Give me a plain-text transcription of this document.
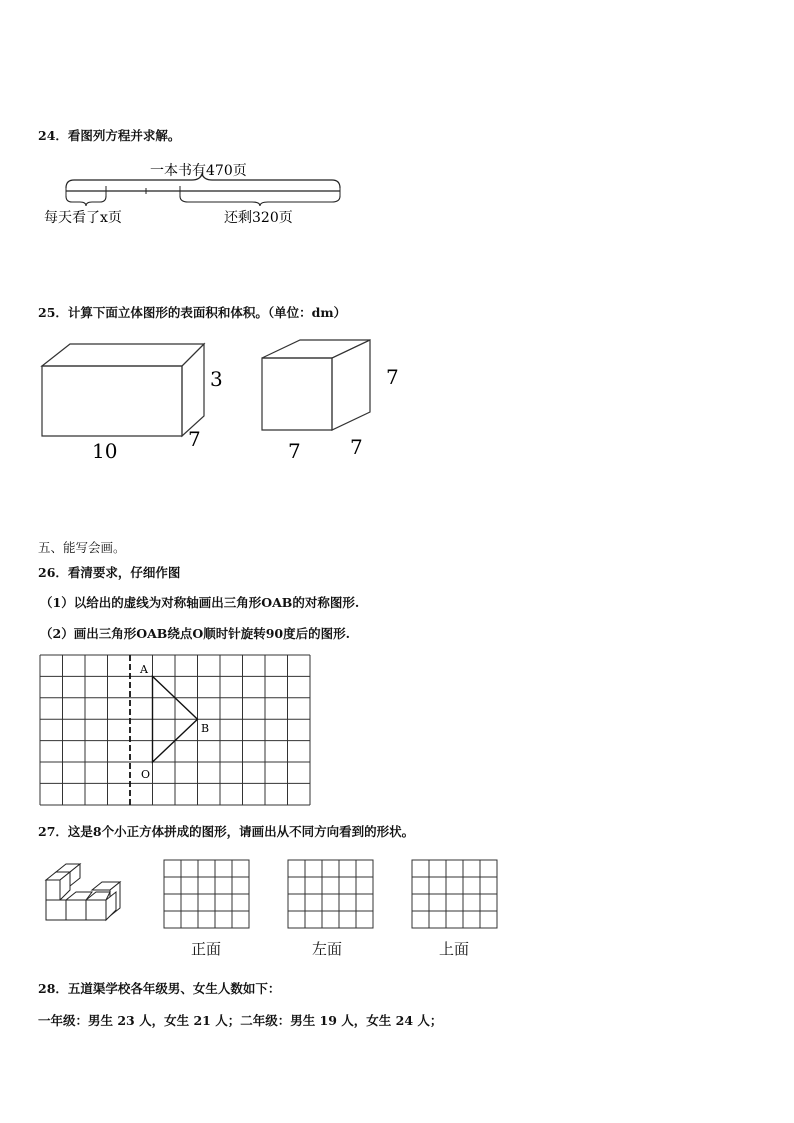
24．看图列方程并求解。
一本书有470页
每天看了x页	还剩320页
25．计算下面立体图形的表面积和体积。（单位：dm）
3
10	7
7
7 7
五、能写会画。
26．看清要求，仔细作图
（1）以给出的虚线为对称轴画出三角形OAB的对称图形.
（2）画出三角形OAB绕点O顺时针旋转90度后的图形.
A
B
O
27．这是8个小正方体拼成的图形，请画出从不同方向看到的形状。
正面	左面	上面
28．五道渠学校各年级男、女生人数如下：
一年级：男生 23 人，女生 21 人；二年级：男生 19 人，女生 24 人；
